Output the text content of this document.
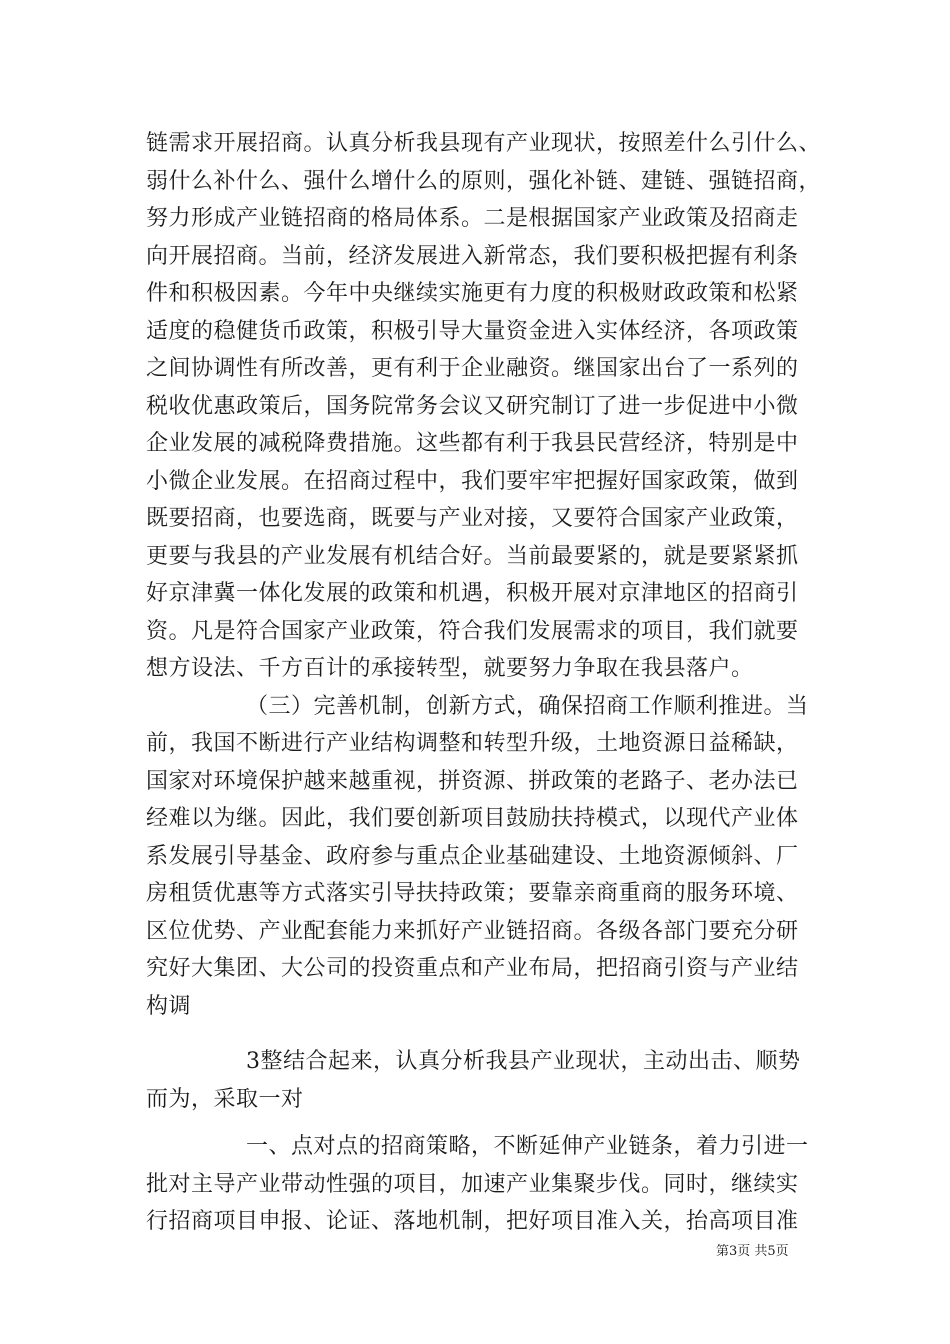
链需求开展招商。认真分析我县现有产业现状，按照差什么引什么、
弱什么补什么、强什么增什么的原则，强化补链、建链、强链招商，
努力形成产业链招商的格局体系。二是根据国家产业政策及招商走
向开展招商。当前，经济发展进入新常态，我们要积极把握有利条
件和积极因素。今年中央继续实施更有力度的积极财政政策和松紧
适度的稳健货币政策，积极引导大量资金进入实体经济，各项政策
之间协调性有所改善，更有利于企业融资。继国家出台了一系列的
税收优惠政策后，国务院常务会议又研究制订了进一步促进中小微
企业发展的减税降费措施。这些都有利于我县民营经济，特别是中
小微企业发展。在招商过程中，我们要牢牢把握好国家政策，做到
既要招商，也要选商，既要与产业对接，又要符合国家产业政策，
更要与我县的产业发展有机结合好。当前最要紧的，就是要紧紧抓
好京津冀一体化发展的政策和机遇，积极开展对京津地区的招商引
资。凡是符合国家产业政策，符合我们发展需求的项目，我们就要
想方设法、千方百计的承接转型，就要努力争取在我县落户。
（三）完善机制，创新方式，确保招商工作顺利推进。当
前，我国不断进行产业结构调整和转型升级，土地资源日益稀缺，
国家对环境保护越来越重视，拼资源、拼政策的老路子、老办法已
经难以为继。因此，我们要创新项目鼓励扶持模式，以现代产业体
系发展引导基金、政府参与重点企业基础建设、土地资源倾斜、厂
房租赁优惠等方式落实引导扶持政策；要靠亲商重商的服务环境、
区位优势、产业配套能力来抓好产业链招商。各级各部门要充分研
究好大集团、大公司的投资重点和产业布局，把招商引资与产业结
构调
3整结合起来，认真分析我县产业现状，主动出击、顺势
而为，采取一对
一、点对点的招商策略，不断延伸产业链条，着力引进一
批对主导产业带动性强的项目，加速产业集聚步伐。同时，继续实
行招商项目申报、论证、落地机制，把好项目准入关，抬高项目准
第3页 共5页
